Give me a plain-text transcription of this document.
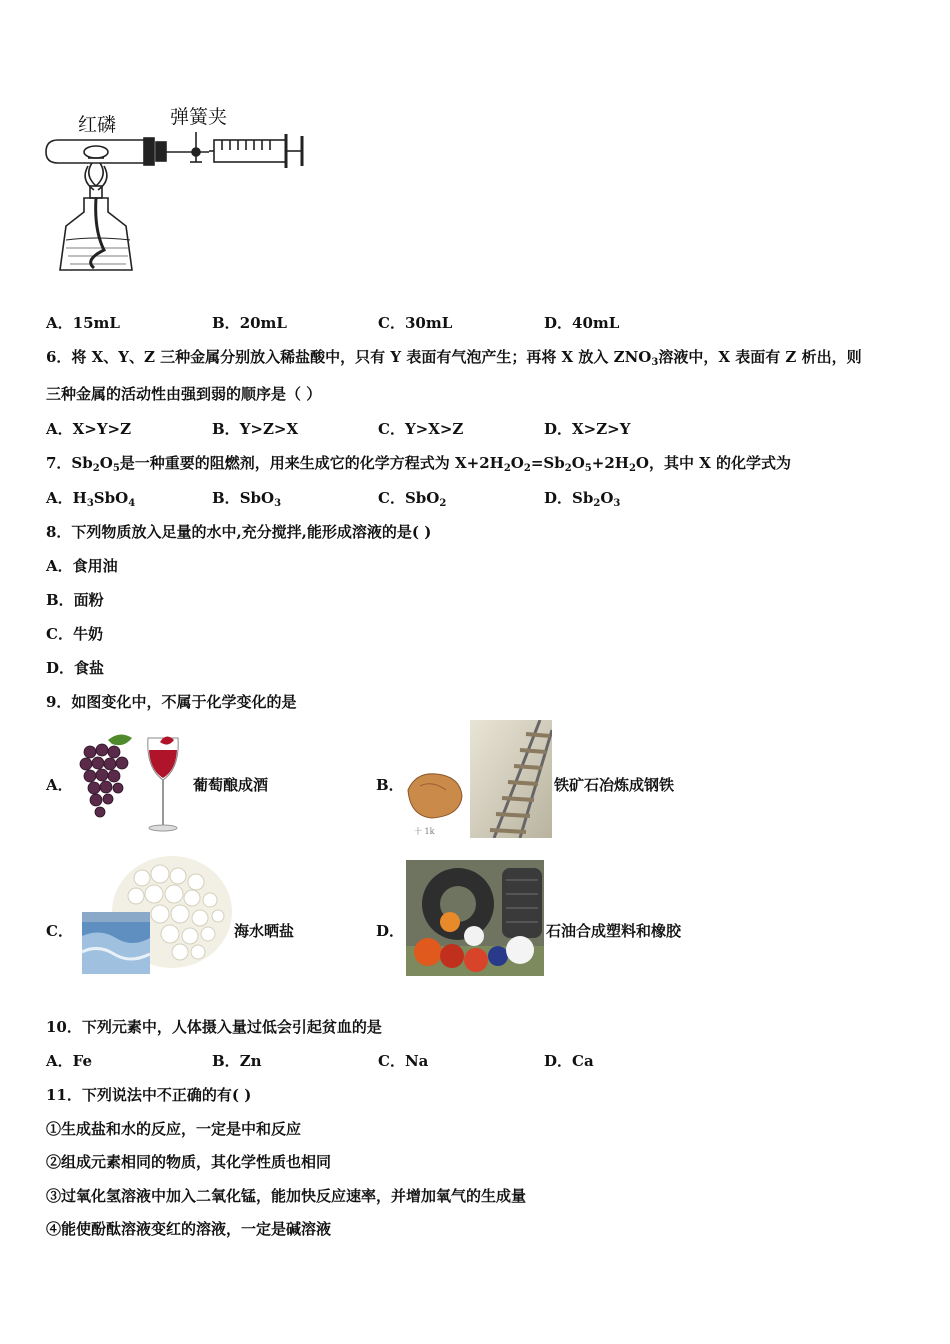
红磷	弹簧夹
A．15mL	B．20mL	C．30mL	D．40mL
6．将 X、Y、Z 三种金属分别放入稀盐酸中，只有 Y 表面有气泡产生；再将 X 放入 $ZNO_3$溶液中，X 表面有 Z 析出，则
三种金属的活动性由强到弱的顺序是（ ）
A．X>Y>Z	B．Y>Z>X	C．Y>X>Z	D．X>Z>Y
7．$Sb_2O_5$是一种重要的阻燃剂，用来生成它的化学方程式为 $X+2H_2O_2=Sb_2O_5+2H_2O$，其中 X 的化学式为
A．$H_3SbO_4$	B．SbO$_3$	C．SbO$_2$	D．$Sb_2O_3$
8．下列物质放入足量的水中,充分搅拌,能形成溶液的是( )
A．食用油
B．面粉
C．牛奶
D．食盐
9．如图变化中，不属于化学变化的是
A．	葡萄酿成酒	B．
十 1k
铁矿石冶炼成钢铁
C．	海水晒盐	D．	石油合成塑料和橡胶
10．下列元素中，人体摄入量过低会引起贫血的是
A．Fe	B．Zn	C．Na	D．Ca
11．下列说法中不正确的有( )
①生成盐和水的反应，一定是中和反应
②组成元素相同的物质，其化学性质也相同
③过氧化氢溶液中加入二氧化锰，能加快反应速率，并增加氧气的生成量
④能使酚酞溶液变红的溶液，一定是碱溶液
